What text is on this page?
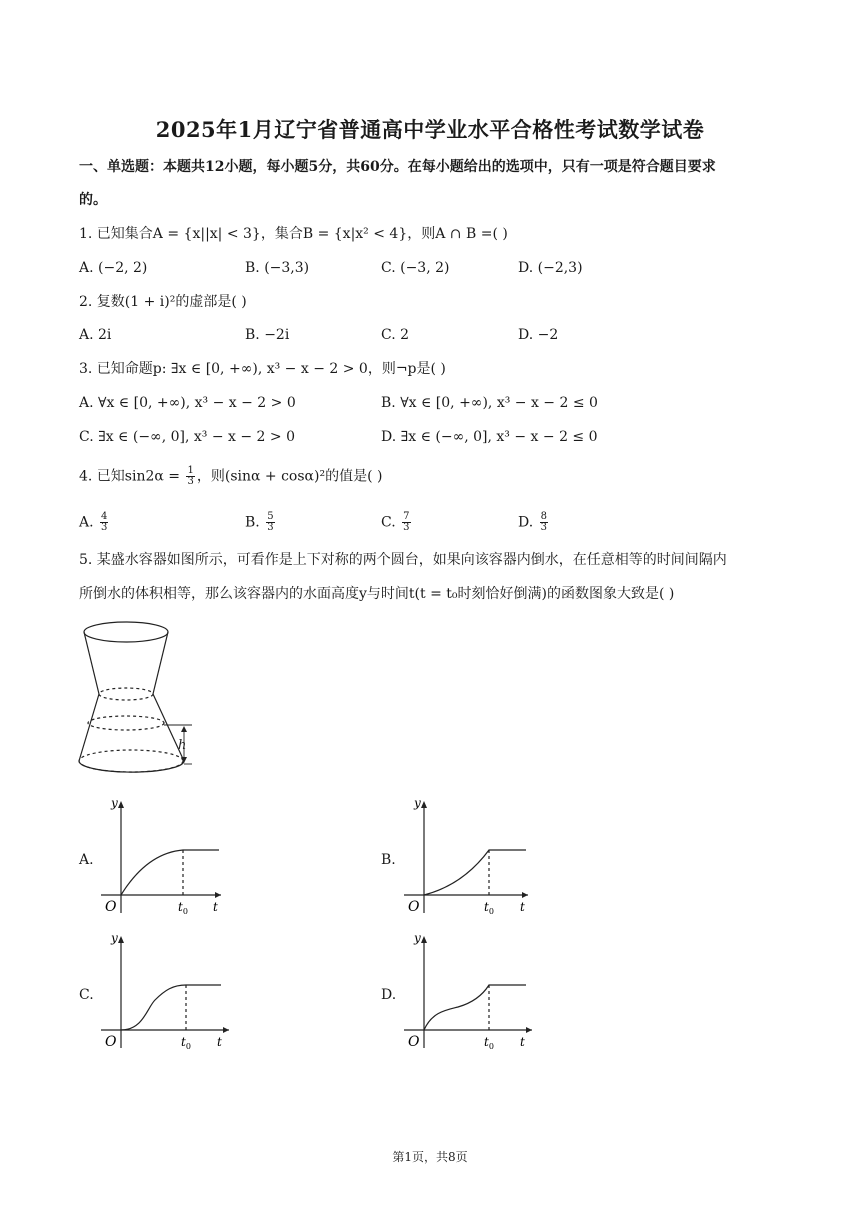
2025年1月辽宁省普通高中学业水平合格性考试数学试卷
一、单选题：本题共12小题，每小题5分，共60分。在每小题给出的选项中，只有一项是符合题目要求
的。
1. 已知集合A = {x||x| < 3}，集合B = {x|x² < 4}，则A ∩ B =( )
A. (−2, 2)	B. (−3,3)	C. (−3, 2)	D. (−2,3)
2. 复数(1 + i)²的虚部是( )
A. 2i	B. −2i	C. 2	D. −2
3. 已知命题p: ∃x ∈ [0, +∞), x³ − x − 2 > 0，则¬p是( )
A. ∀x ∈ [0, +∞), x³ − x − 2 > 0	B. ∀x ∈ [0, +∞), x³ − x − 2 ≤ 0
C. ∃x ∈ (−∞, 0], x³ − x − 2 > 0	D. ∃x ∈ (−∞, 0], x³ − x − 2 ≤ 0
4. 已知$\sin 2\alpha = \frac{1}{3}$ ，则(sinα + cosα)²的值是( )
A. $\frac{4}{3}$	B. $\frac{5}{3}$	C. $\frac{7}{3}$	D. $\frac{8}{3}$
5. 某盛水容器如图所示，可看作是上下对称的两个圆台，如果向该容器内倒水，在任意相等的时间间隔内
所倒水的体积相等，那么该容器内的水面高度y与时间t(t = t₀时刻恰好倒满)的函数图象大致是( )
h
A.
y
O	$t_0$ t
B.
y
O	$t_0$ t
C.
y
O	$t_0$ t
D.
y
O	$t_0$ t
第1页，共8页
